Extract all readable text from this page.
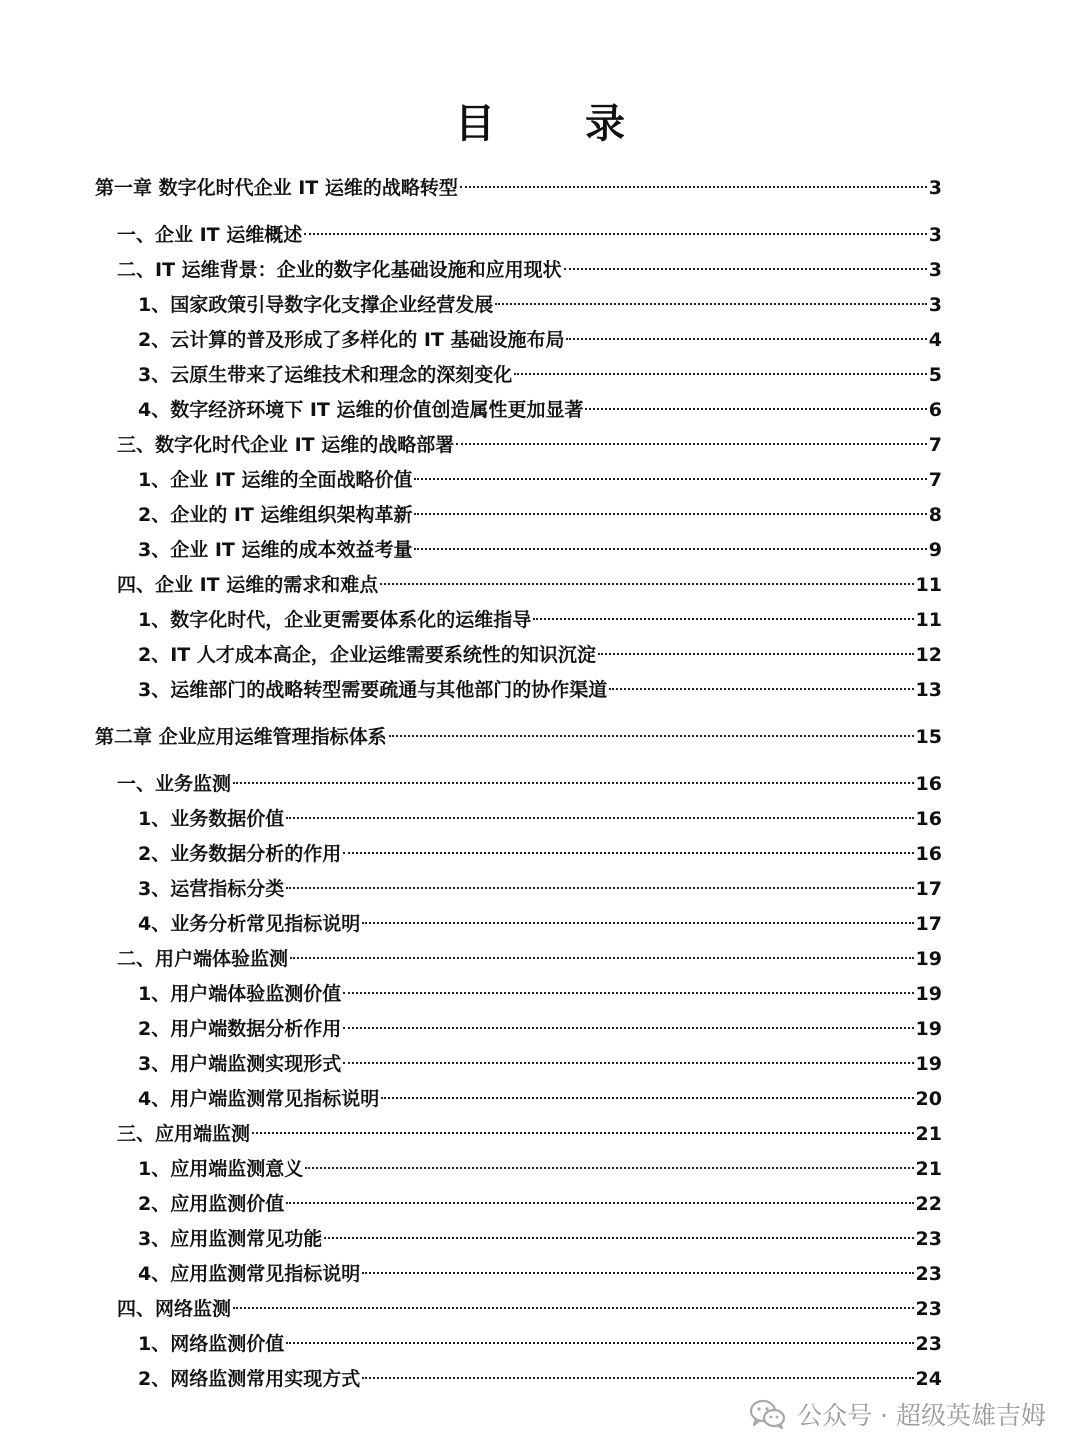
目 录
第一章 数字化时代企业 IT 运维的战略转型	3
一、企业 IT 运维概述	3
二、IT 运维背景：企业的数字化基础设施和应用现状	3
1、国家政策引导数字化支撑企业经营发展	3
2、云计算的普及形成了多样化的 IT 基础设施布局	4
3、云原生带来了运维技术和理念的深刻变化	5
4、数字经济环境下 IT 运维的价值创造属性更加显著	6
三、数字化时代企业 IT 运维的战略部署	7
1、企业 IT 运维的全面战略价值	7
2、企业的 IT 运维组织架构革新	8
3、企业 IT 运维的成本效益考量	9
四、企业 IT 运维的需求和难点	11
1、数字化时代，企业更需要体系化的运维指导	11
2、IT 人才成本高企，企业运维需要系统性的知识沉淀	12
3、运维部门的战略转型需要疏通与其他部门的协作渠道	13
第二章 企业应用运维管理指标体系	15
一、业务监测	16
1、业务数据价值	16
2、业务数据分析的作用	16
3、运营指标分类	17
4、业务分析常见指标说明	17
二、用户端体验监测	19
1、用户端体验监测价值	19
2、用户端数据分析作用	19
3、用户端监测实现形式	19
4、用户端监测常见指标说明	20
三、应用端监测	21
1、应用端监测意义	21
2、应用监测价值	22
3、应用监测常见功能	23
4、应用监测常见指标说明	23
四、网络监测	23
1、网络监测价值	23
2、网络监测常用实现方式	24
公众号 · 超级英雄吉姆
